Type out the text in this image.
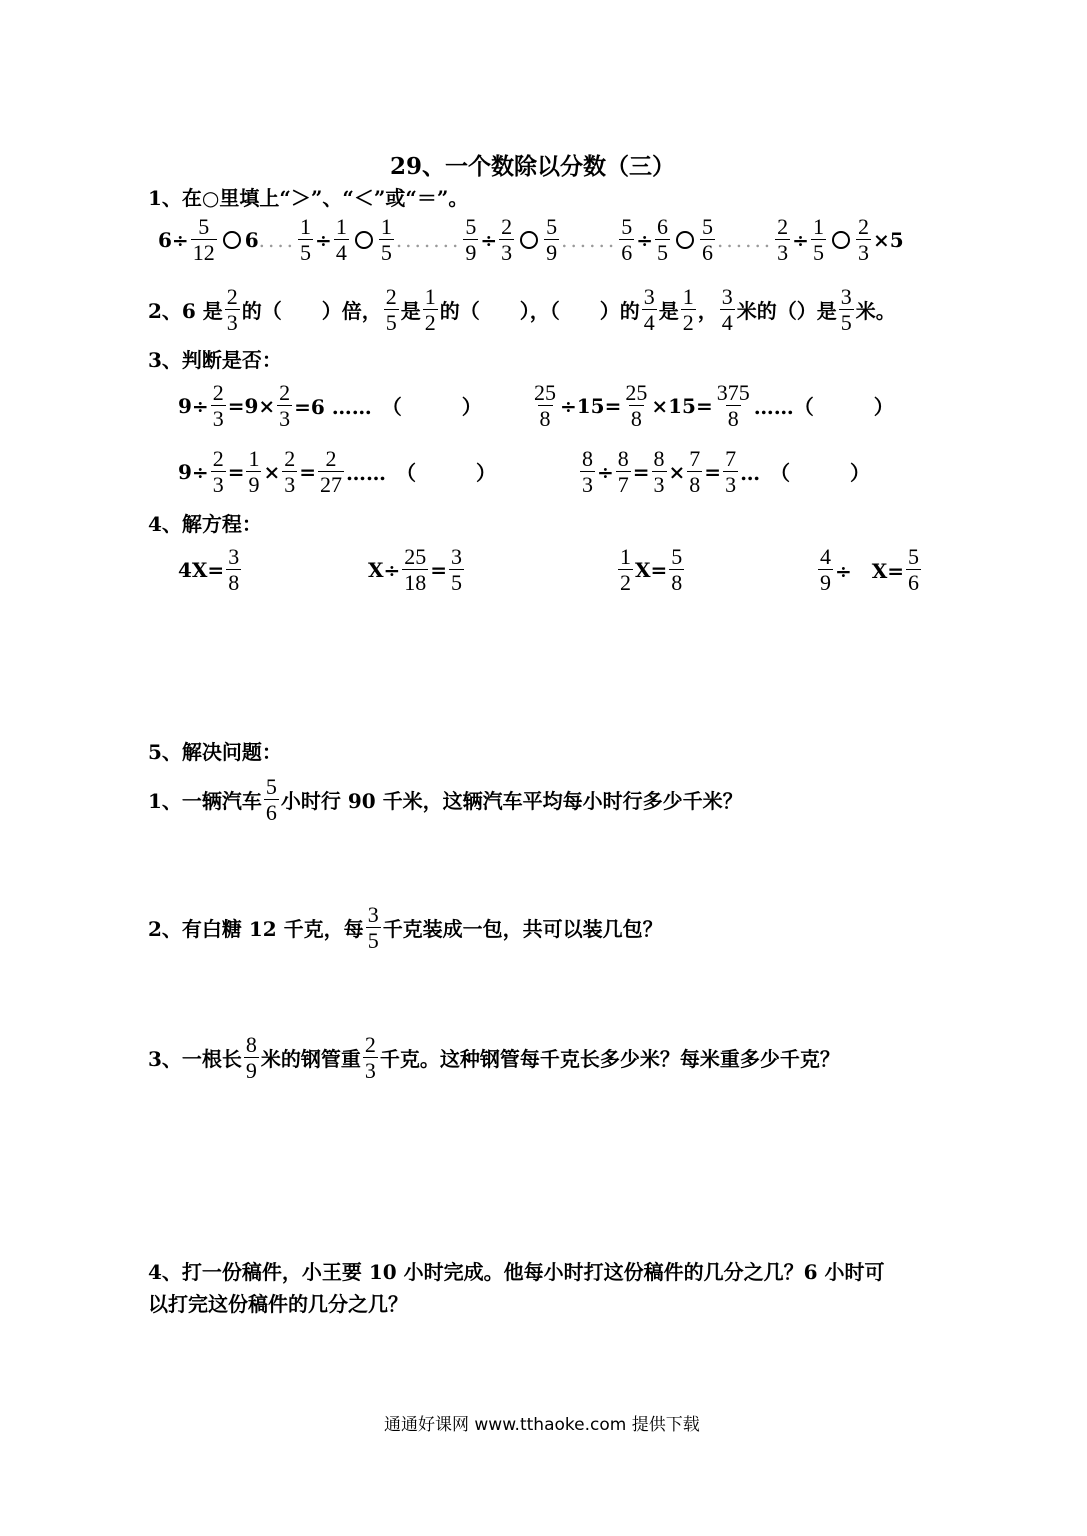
29、一个数除以分数（三）
1、在○里填上“＞”、“＜”或“＝”。
$6\div \frac{5}{12} 6$ .... $\frac{1}{5} \div \frac{1}{4} \frac{1}{5}$ ....... $\frac{5}{9} \div \frac{2}{3} \frac{5}{9}$ ...... $\frac{5}{6} \div \frac{6}{5} \frac{5}{6}$ ...... $\frac{2}{3} \div \frac{1}{5} \frac{2}{3} \times 5$
2、6 是 $\frac{2}{3}$ 的（　　）倍， $\frac{2}{5}$ 是 $\frac{1}{2}$ 的（　　），（　　）的 $\frac{3}{4}$ 是 $\frac{1}{2}$ ， $\frac{3}{4}$ 米的（）是 $\frac{3}{5}$ 米。
3、判断是否：
$9\div \frac{2}{3} =9\times \frac{2}{3} =6$ ……　（　　　） $\frac{25}{8} \div 15= \frac{25}{8} \times 15= \frac{375}{8}$ ……（　　　）
$9\div \frac{2}{3} = \frac{1}{9} \times \frac{2}{3} = \frac{2}{27}$ ……　（　　　）	$\frac{8}{3} \div \frac{8}{7} = \frac{8}{3} \times \frac{7}{8} = \frac{7}{3}$ …　（　　　）
4、解方程：
$4X= \frac{3}{8}$	$X\div \frac{25}{18} = \frac{3}{5}$	$\frac{1}{2} X= \frac{5}{8}$	$\frac{4}{9}$ ÷　$X= \frac{5}{6}$
5、解决问题：
1、一辆汽车 $\frac{5}{6}$ 小时行 90 千米，这辆汽车平均每小时行多少千米？
2、有白糖 12 千克，每 $\frac{3}{5}$ 千克装成一包，共可以装几包？
3、一根长 $\frac{8}{9}$ 米的钢管重 $\frac{2}{3}$ 千克。这种钢管每千克长多少米？每米重多少千克？
4、打一份稿件，小王要 10 小时完成。他每小时打这份稿件的几分之几？6 小时可
以打完这份稿件的几分之几？
通通好课网 www.tthaoke.com 提供下载
